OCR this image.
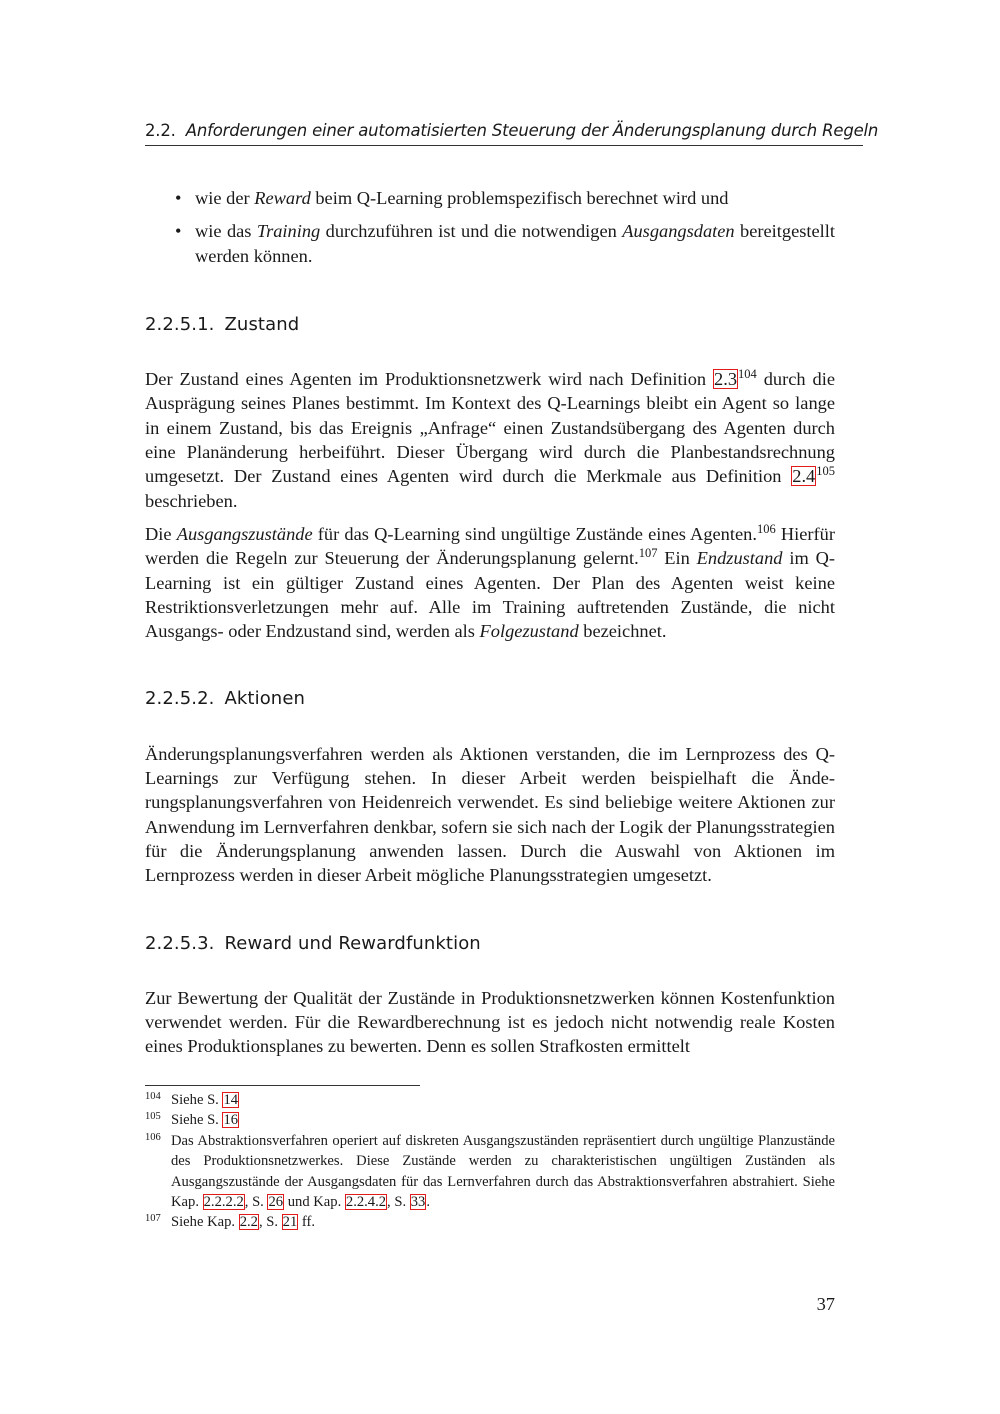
2.2. Anforderungen einer automatisierten Steuerung der Änderungsplanung durch Regeln
• wie der Reward beim Q-Learning problemspezifisch berechnet wird und
• wie das Training durchzuführen ist und die notwendigen Ausgangsdaten bereitgestellt werden können.
2.2.5.1. Zustand

Der Zustand eines Agenten im Produktionsnetzwerk wird nach Definition $2.3^{104}$ durch die Ausprägung seines Planes bestimmt. Im Kontext des Q-Learnings bleibt ein Agent so lange in einem Zustand, bis das Ereignis „Anfrage“ einen Zustandsübergang des Agenten durch eine Planänderung herbeiführt. Dieser Übergang wird durch die Planbestandsrechnung umgesetzt. Der Zustand eines Agenten wird durch die Merkmale aus Definition $2.4^{105}$ beschrieben.

Die Ausgangszustände für das Q-Learning sind ungültige Zustände eines Agenten.$^{106}$ Hierfür werden die Regeln zur Steuerung der Änderungsplanung gelernt.$^{107}$ Ein Endzustand im Q-Learning ist ein gültiger Zustand eines Agenten. Der Plan des Agenten weist keine Restriktionsverletzungen mehr auf. Alle im Training auftretenden Zustände, die nicht Ausgangs- oder Endzustand sind, werden als Folgezustand bezeichnet.

2.2.5.2. Aktionen

Änderungsplanungsverfahren werden als Aktionen verstanden, die im Lernprozess des Q-Learnings zur Verfügung stehen. In dieser Arbeit werden beispielhaft die Änderungsplanungsverfahren von Heidenreich verwendet. Es sind beliebige weitere Aktionen zur Anwendung im Lernverfahren denkbar, sofern sie sich nach der Logik der Planungsstrategien für die Änderungsplanung anwenden lassen. Durch die Auswahl von Aktionen im Lernprozess werden in dieser Arbeit mögliche Planungsstrategien umgesetzt.

2.2.5.3. Reward und Rewardfunktion

Zur Bewertung der Qualität der Zustände in Produktionsnetzwerken können Kostenfunktion verwendet werden. Für die Rewardberechnung ist es jedoch nicht notwendig reale Kosten eines Produktionsplanes zu bewerten. Denn es sollen Strafkosten ermittelt

104 Siehe S. 14
105 Siehe S. 16
106 Das Abstraktionsverfahren operiert auf diskreten Ausgangszuständen repräsentiert durch ungültige Planzustände des Produktionsnetzwerkes. Diese Zustände werden zu charakteristischen ungültigen Zuständen als Ausgangszustände der Ausgangsdaten für das Lernverfahren durch das Abstraktionsverfahren abstrahiert. Siehe Kap. 2.2.2.2, S. 26 und Kap. 2.2.4.2, S. 33.
107 Siehe Kap. 2.2, S. 21 ff.
37
